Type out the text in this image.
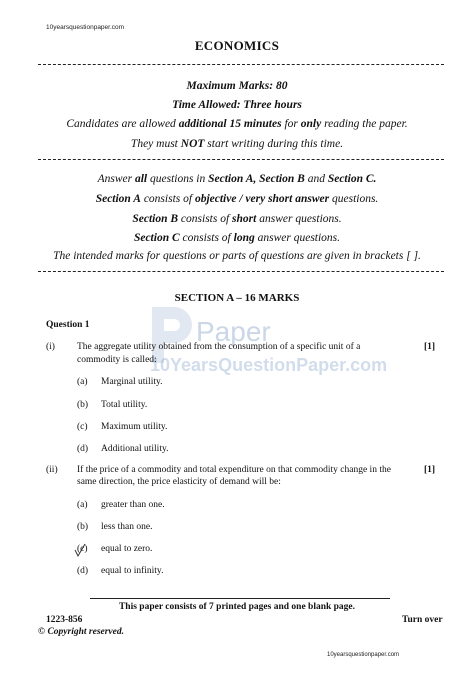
10yearsquestionpaper.com
ECONOMICS
Maximum Marks: 80
Time Allowed: Three hours
Candidates are allowed additional 15 minutes for only reading the paper.
They must NOT start writing during this time.
Answer all questions in Section A, Section B and Section C.
Section A consists of objective / very short answer questions.
Section B consists of short answer questions.
Section C consists of long answer questions.
The intended marks for questions or parts of questions are given in brackets [ ].
Paper
10YearsQuestionPaper.com
SECTION A – 16 MARKS
Question 1
(i) The aggregate utility obtained from the consumption of a specific unit of a
commodity is called:
[1]
(a) Marginal utility.
(b) Total utility.
(c) Maximum utility.
(d) Additional utility.
(ii) If the price of a commodity and total expenditure on that commodity change in the
same direction, the price elasticity of demand will be:
[1]
(a) greater than one.
(b) less than one.
(c) equal to zero.
(d) equal to infinity.
This paper consists of 7 printed pages and one blank page.
1223-856	Turn over
© Copyright reserved.
10yearsquestionpaper.com
